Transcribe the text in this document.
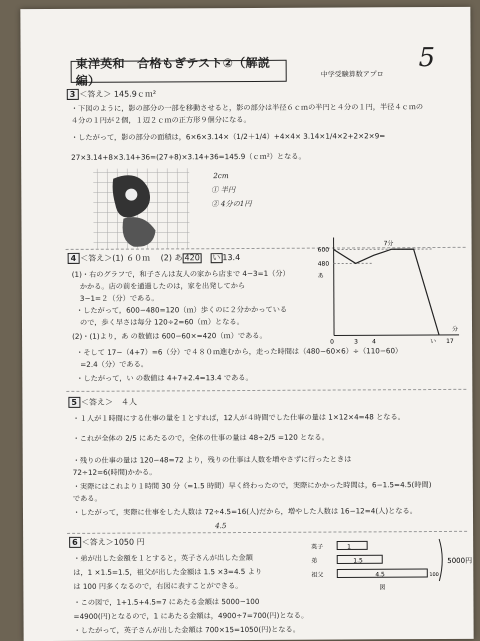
東洋英和　合格もぎテスト②（解説編）	中学受験算数アプロ
5
3 ＜答え＞ 145.9ｃｍ²
・下図のように，影の部分の一部を移動させると，影の部分は半径６ｃｍの半円と４分の１円，半径４ｃｍの
４分の１円が２個，１辺２ｃｍの正方形９個分になる。
・したがって，影の部分の面積は，6×6×3.14×（1/2＋1/4）+4×4× 3.14×1/4×2+2×2×9=
27×3.14+8×3.14+36=(27+8)×3.14+36=145.9（ｃｍ²）となる。
2cm
① 半円
② 4分の1円
4 ＜答え＞(1) ６０ｍ (2) あ 420 い 13.4
(1)・右のグラフで，和子さんは友人の家から店まで 4−3=1（分）
かかる。店の前を通過したのは，家を出発してから
3−1=２（分）である。
・したがって，600−480=120（ｍ）歩くのに２分かかっている
ので，歩く早さは毎分 120÷2=60（ｍ）となる。
(2)・(1)より，あ の数値は 600−60×=420（ｍ）である。
・そして 17−（4+7）=6（分）で４８０ｍ進むから，走った時間は（480−60×6）÷（110−60）
=2.4（分）である。
・したがって，い の数値は 4+7+2.4=13.4 である。
600
480
あ
0	3 4	い 17
7分
分
5 ＜答え＞　４人
・１人が１時間にする仕事の量を１とすれば，12人が４時間でした仕事の量は 1×12×4=48 となる。
・これが全体の 2/5 にあたるので，全体の仕事の量は 48÷2/5 =120 となる。
・残りの仕事の量は 120−48=72 より，残りの仕事は人数を増やさずに行ったときは
72÷12=6(時間)かかる。
・実際にはこれより１時間 30 分（=1.5 時間）早く終わったので，実際にかかった時間は，6−1.5=4.5(時間)
である。
・したがって，実際に仕事をした人数は 72÷4.5=16(人)だから，増やした人数は 16−12=4(人)となる。
4.5
6 ＜答え＞1050 円
・弟が出した金額を１とすると，英子さんが出した金額
は，1 ×1.5=1.5，祖父が出した金額は 1.5 ×3=4.5 より
は 100 円多くなるので，右図に表すことができる。
・この図で，1+1.5+4.5=7 にあたる金額は 5000−100
=4900(円)となるので，1 にあたる金額は，4900÷7=700(円)となる。
・したがって，英子さんが出した金額は 700×15=1050(円)となる。
英子
弟
祖父
1
1.5
4.5	100
5000円
図
